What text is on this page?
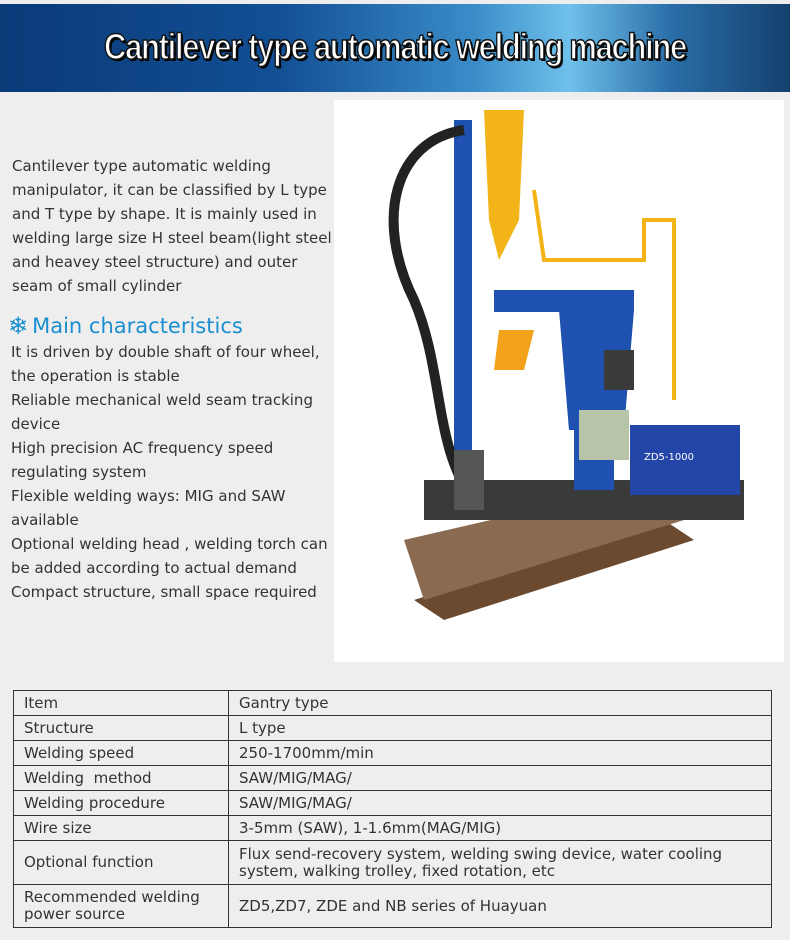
Cantilever type automatic welding machine
Cantilever type automatic welding manipulator, it can be classified by L type and T type by shape. It is mainly used in welding large size H steel beam(light steel and heavey steel structure) and outer seam of small cylinder
❄ Main characteristics
It is driven by double shaft of four wheel, the operation is stable
Reliable mechanical weld seam tracking device
High precision AC frequency speed regulating system
Flexible welding ways: MIG and SAW available
Optional welding head , welding torch can be added according to actual demand
Compact structure, small space required
ZD5-1000
Item	Gantry type
Structure	L type
Welding speed	250-1700mm/min
Welding  method	SAW/MIG/MAG/
Welding procedure	SAW/MIG/MAG/
Wire size	3-5mm (SAW), 1-1.6mm(MAG/MIG)
Optional function	Flux send-recovery system, welding swing device, water cooling system, walking trolley, fixed rotation, etc
Recommended welding power source	ZD5,ZD7, ZDE and NB series of Huayuan
